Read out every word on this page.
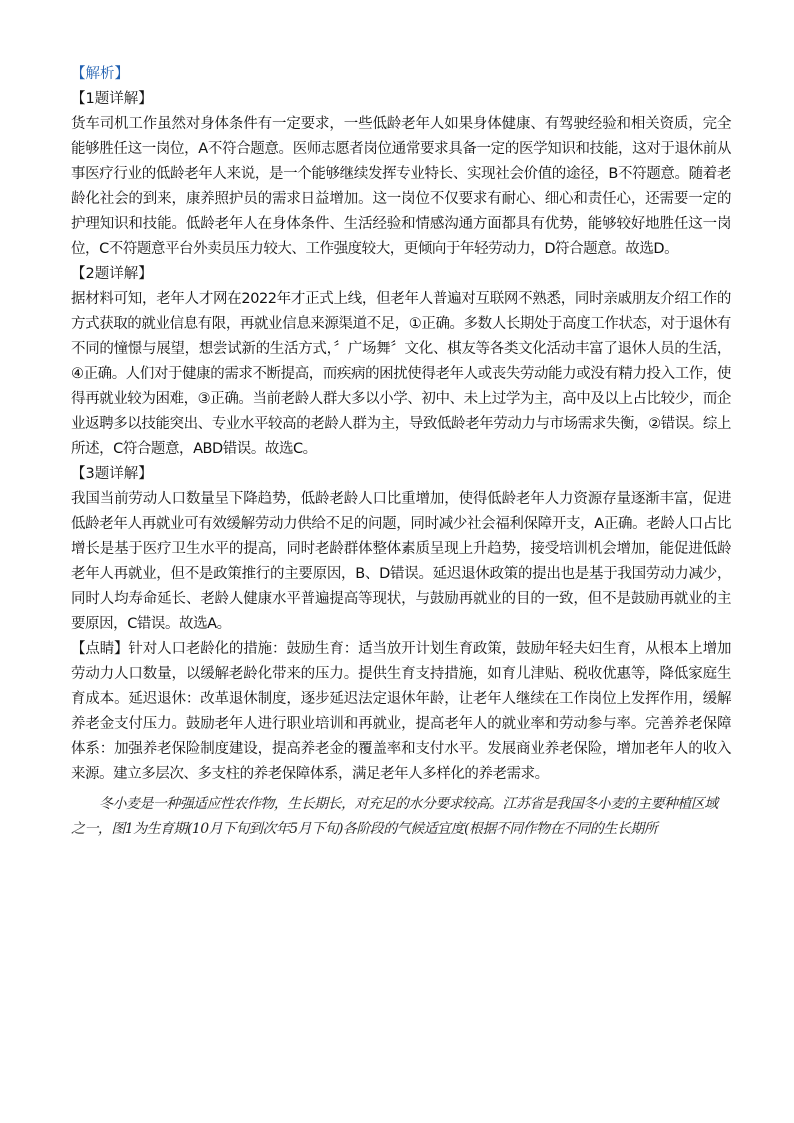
【解析】

【1题详解】

货车司机工作虽然对身体条件有一定要求，一些低龄老年人如果身体健康、有驾驶经验和相关资质，完全能够胜任这一岗位，A不符合题意。医师志愿者岗位通常要求具备一定的医学知识和技能，这对于退休前从事医疗行业的低龄老年人来说，是一个能够继续发挥专业特长、实现社会价值的途径，B不符题意。随着老龄化社会的到来，康养照护员的需求日益增加。这一岗位不仅要求有耐心、细心和责任心，还需要一定的护理知识和技能。低龄老年人在身体条件、生活经验和情感沟通方面都具有优势，能够较好地胜任这一岗位，C不符题意平台外卖员压力较大、工作强度较大，更倾向于年轻劳动力，D符合题意。故选D。

【2题详解】

据材料可知，老年人才网在2022年才正式上线，但老年人普遍对互联网不熟悉，同时亲戚朋友介绍工作的方式获取的就业信息有限，再就业信息来源渠道不足，①正确。多数人长期处于高度工作状态，对于退休有不同的憧憬与展望，想尝试新的生活方式，〞广场舞〞文化、棋友等各类文化活动丰富了退休人员的生活，④正确。人们对于健康的需求不断提高，而疾病的困扰使得老年人或丧失劳动能力或没有精力投入工作，使得再就业较为困难，③正确。当前老龄人群大多以小学、初中、未上过学为主，高中及以上占比较少，而企业返聘多以技能突出、专业水平较高的老龄人群为主，导致低龄老年劳动力与市场需求失衡，②错误。综上所述，C符合题意，ABD错误。故选C。

【3题详解】

我国当前劳动人口数量呈下降趋势，低龄老龄人口比重增加，使得低龄老年人力资源存量逐渐丰富，促进低龄老年人再就业可有效缓解劳动力供给不足的问题，同时减少社会福利保障开支，A正确。老龄人口占比增长是基于医疗卫生水平的提高，同时老龄群体整体素质呈现上升趋势，接受培训机会增加，能促进低龄老年人再就业，但不是政策推行的主要原因，B、D错误。延迟退休政策的提出也是基于我国劳动力减少，同时人均寿命延长、老龄人健康水平普遍提高等现状，与鼓励再就业的目的一致，但不是鼓励再就业的主要原因，C错误。故选A。

【点睛】针对人口老龄化的措施：鼓励生育：适当放开计划生育政策，鼓励年轻夫妇生育，从根本上增加劳动力人口数量，以缓解老龄化带来的压力。提供生育支持措施，如育儿津贴、税收优惠等，降低家庭生育成本。延迟退休：改革退休制度，逐步延迟法定退休年龄，让老年人继续在工作岗位上发挥作用，缓解养老金支付压力。鼓励老年人进行职业培训和再就业，提高老年人的就业率和劳动参与率。完善养老保障体系：加强养老保险制度建设，提高养老金的覆盖率和支付水平。发展商业养老保险，增加老年人的收入来源。建立多层次、多支柱的养老保障体系，满足老年人多样化的养老需求。

冬小麦是一种强适应性农作物，生长期长，对充足的水分要求较高。江苏省是我国冬小麦的主要种植区域之一，图1为生育期(10月下旬到次年5月下旬)各阶段的气候适宜度(根据不同作物在不同的生长期所
